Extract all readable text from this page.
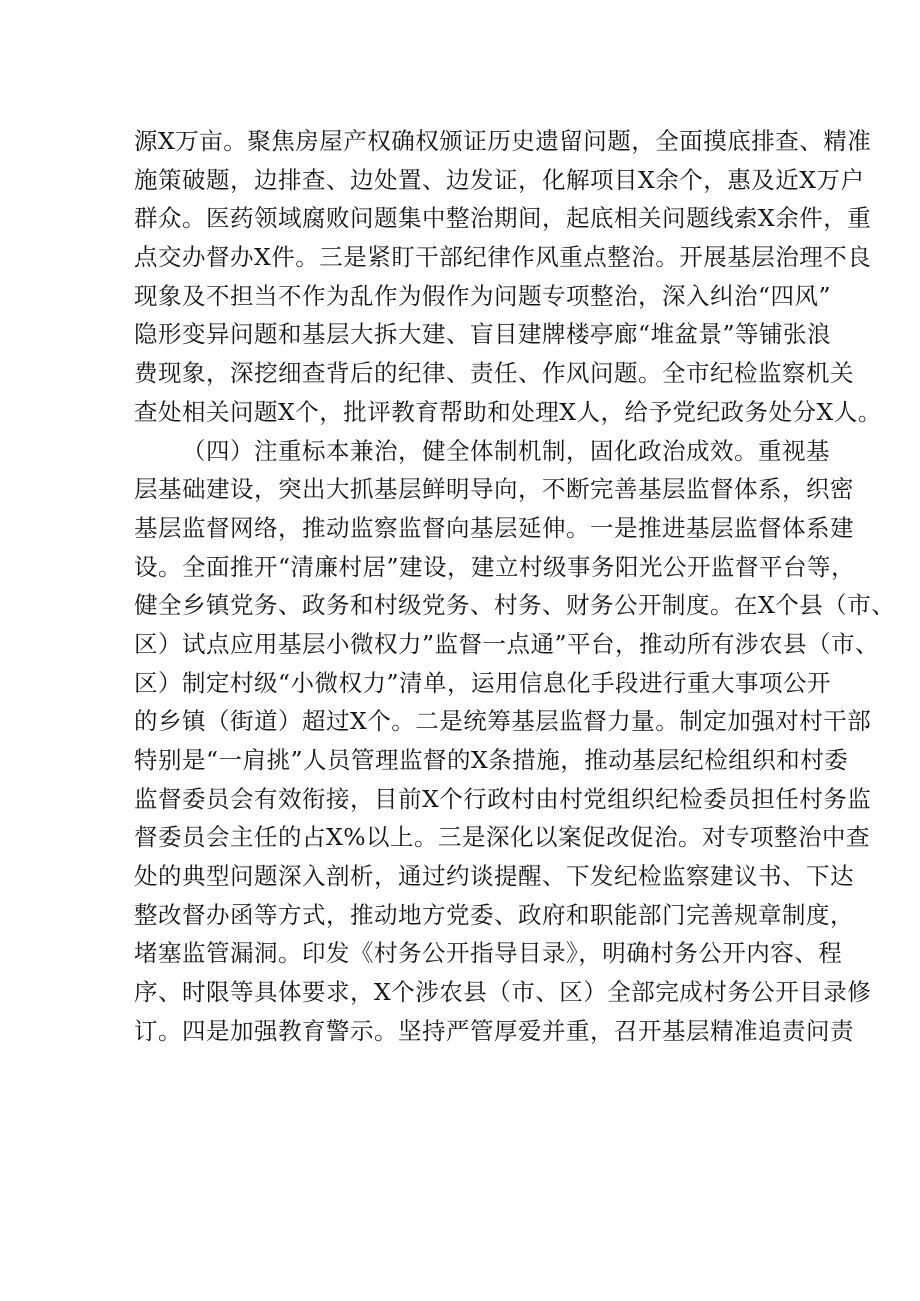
源X万亩。聚焦房屋产权确权颁证历史遗留问题，全面摸底排查、精准
施策破题，边排查、边处置、边发证，化解项目X余个，惠及近X万户
群众。医药领域腐败问题集中整治期间，起底相关问题线索X余件，重
点交办督办X件。三是紧盯干部纪律作风重点整治。开展基层治理不良
现象及不担当不作为乱作为假作为问题专项整治，深入纠治“四风”
隐形变异问题和基层大拆大建、盲目建牌楼亭廊“堆盆景”等铺张浪
费现象，深挖细查背后的纪律、责任、作风问题。全市纪检监察机关
查处相关问题X个，批评教育帮助和处理X人，给予党纪政务处分X人。
（四）注重标本兼治，健全体制机制，固化政治成效。重视基
层基础建设，突出大抓基层鲜明导向，不断完善基层监督体系，织密
基层监督网络，推动监察监督向基层延伸。一是推进基层监督体系建
设。全面推开“清廉村居”建设，建立村级事务阳光公开监督平台等，
健全乡镇党务、政务和村级党务、村务、财务公开制度。在X个县（市、
区）试点应用基层小微权力”监督一点通”平台，推动所有涉农县（市、
区）制定村级“小微权力”清单，运用信息化手段进行重大事项公开
的乡镇（街道）超过X个。二是统筹基层监督力量。制定加强对村干部
特别是“一肩挑”人员管理监督的X条措施，推动基层纪检组织和村委
监督委员会有效衔接，目前X个行政村由村党组织纪检委员担任村务监
督委员会主任的占X%以上。三是深化以案促改促治。对专项整治中查
处的典型问题深入剖析，通过约谈提醒、下发纪检监察建议书、下达
整改督办函等方式，推动地方党委、政府和职能部门完善规章制度，
堵塞监管漏洞。印发《村务公开指导目录》，明确村务公开内容、程
序、时限等具体要求，X个涉农县（市、区）全部完成村务公开目录修
订。四是加强教育警示。坚持严管厚爱并重，召开基层精准追责问责
